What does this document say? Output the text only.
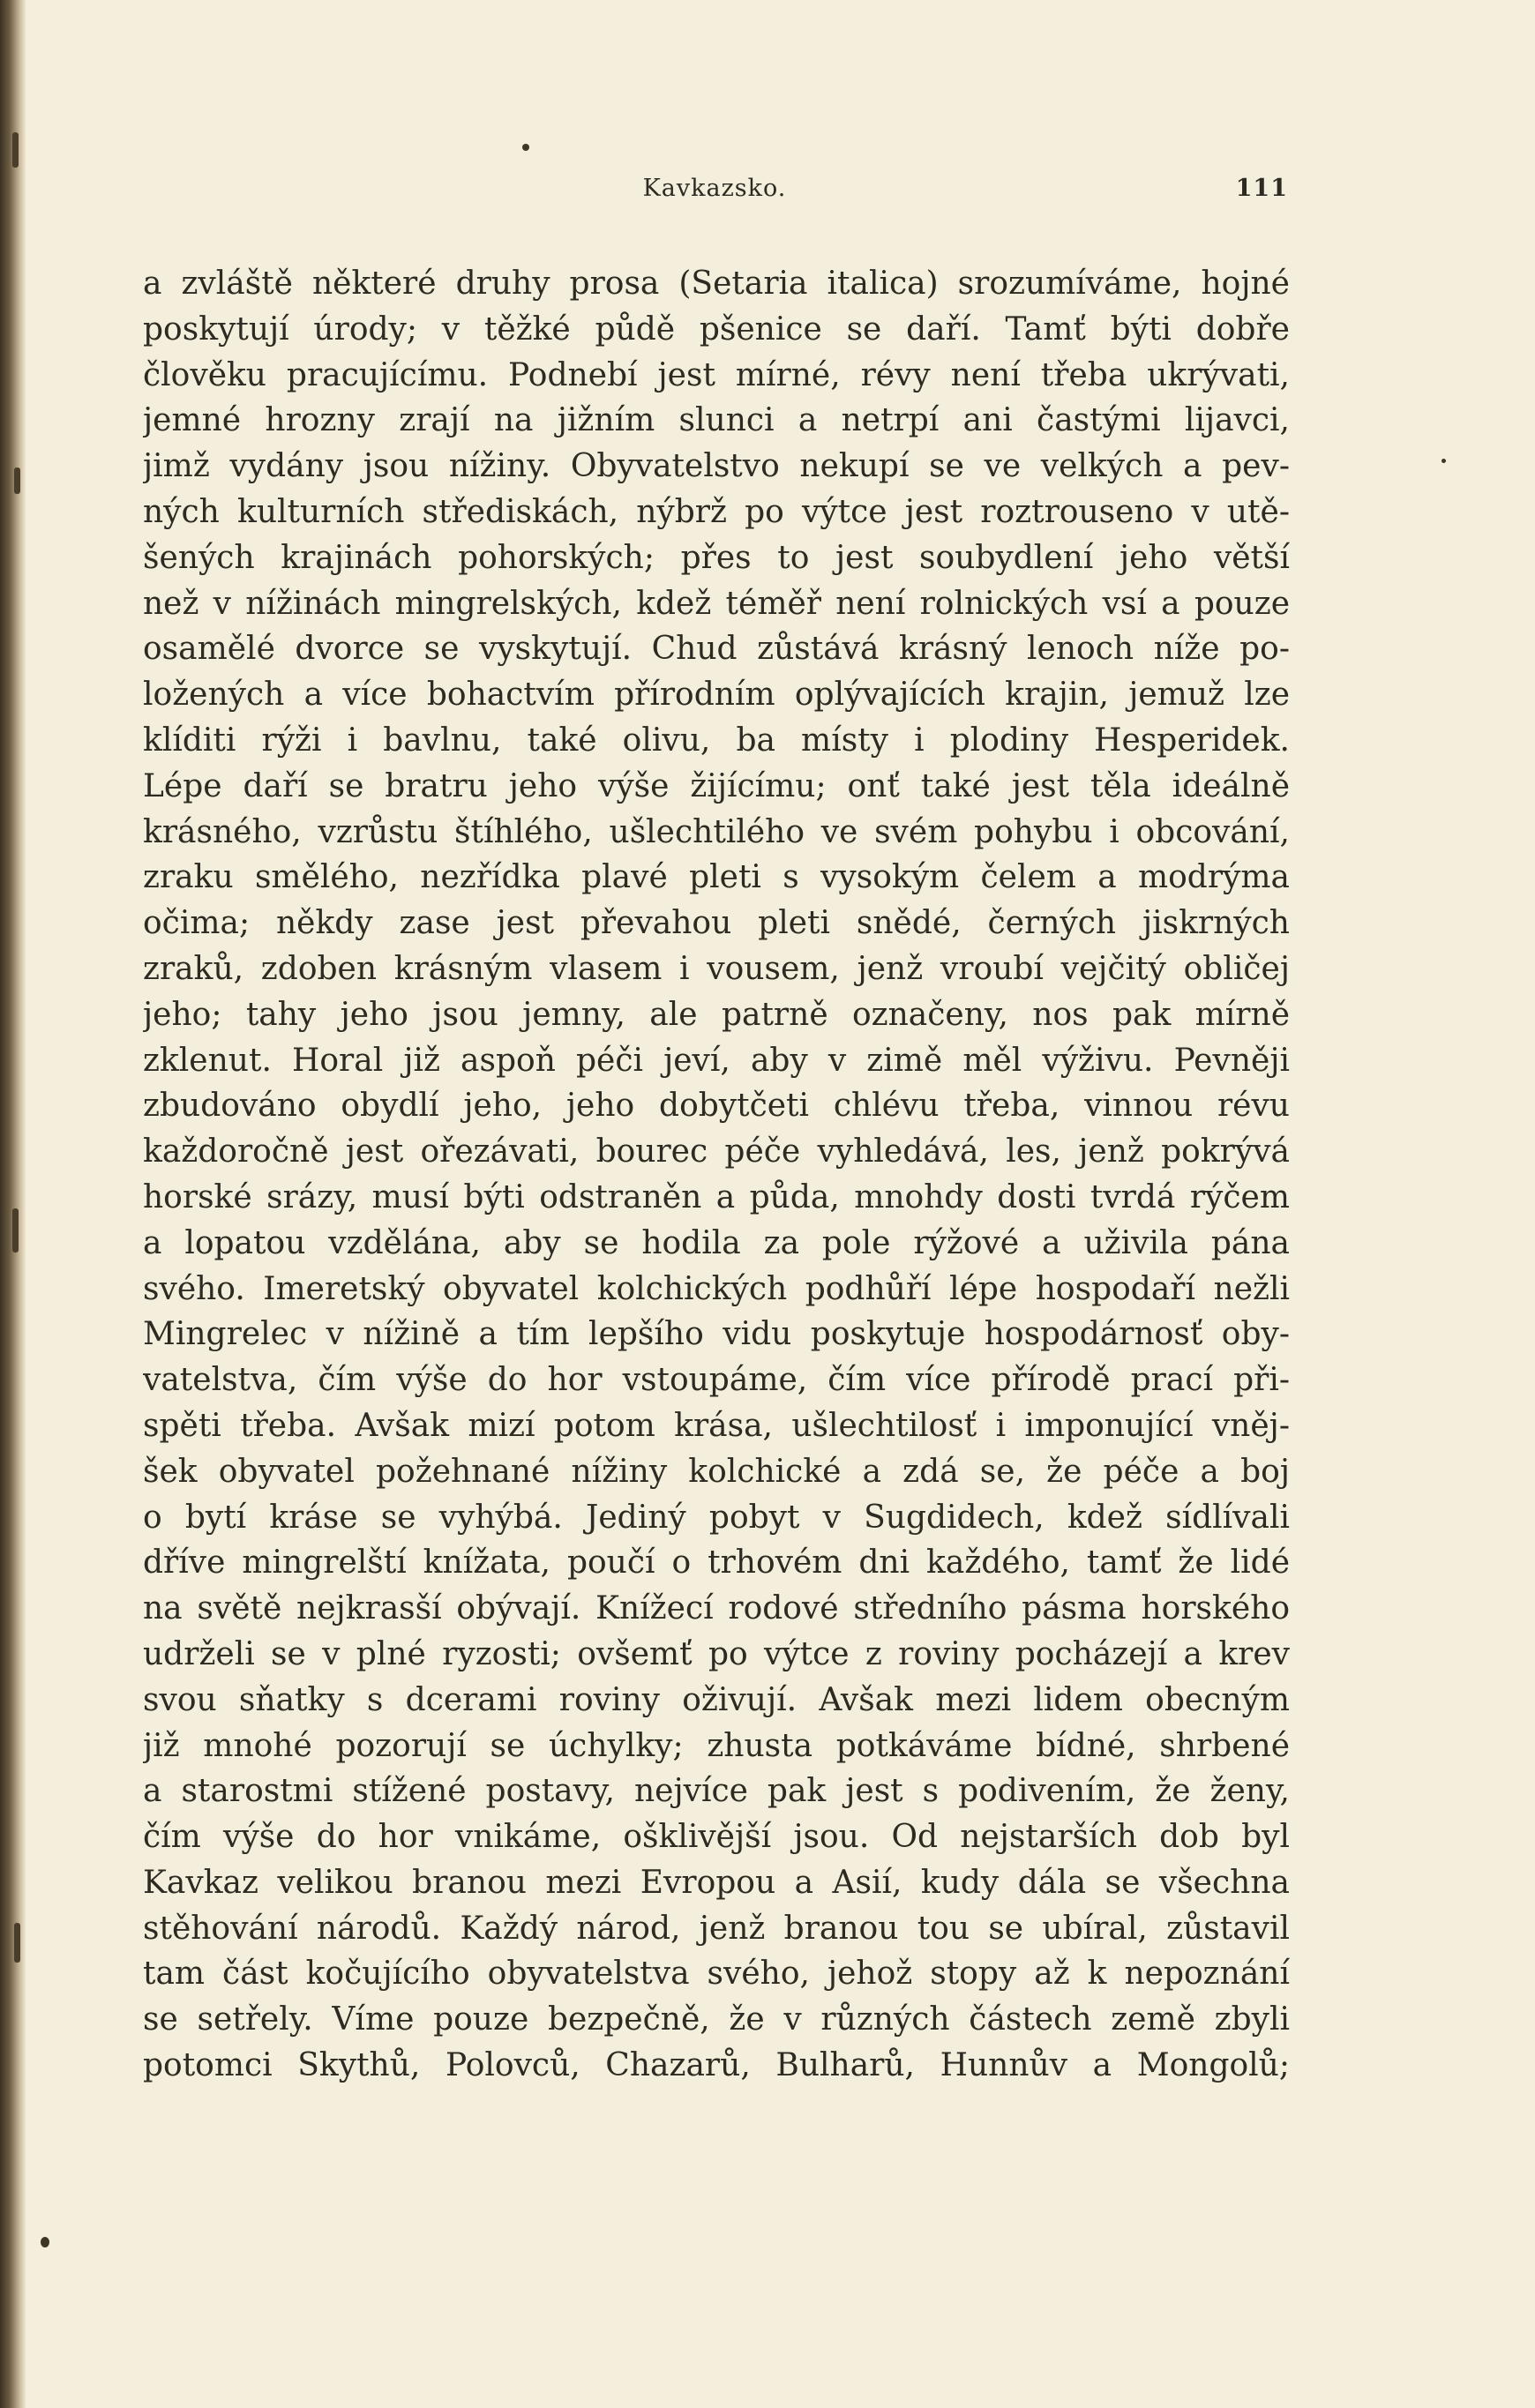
Kavkazsko.	111
a zvláště některé druhy prosa (Setaria italica) srozumíváme, hojné
poskytují úrody; v těžké půdě pšenice se daří. Tamť býti dobře
člověku pracujícímu. Podnebí jest mírné, révy není třeba ukrývati,
jemné hrozny zrají na jižním slunci a netrpí ani častými lijavci,
jimž vydány jsou nížiny. Obyvatelstvo nekupí se ve velkých a pev-
ných kulturních střediskách, nýbrž po výtce jest roztrouseno v utě-
šených krajinách pohorských; přes to jest soubydlení jeho větší
než v nížinách mingrelských, kdež téměř není rolnických vsí a pouze
osamělé dvorce se vyskytují. Chud zůstává krásný lenoch níže po-
ložených a více bohactvím přírodním oplývajících krajin, jemuž lze
klíditi rýži i bavlnu, také olivu, ba místy i plodiny Hesperidek.
Lépe daří se bratru jeho výše žijícímu; onť také jest těla ideálně
krásného, vzrůstu štíhlého, ušlechtilého ve svém pohybu i obcování,
zraku smělého, nezřídka plavé pleti s vysokým čelem a modrýma
očima; někdy zase jest převahou pleti snědé, černých jiskrných
zraků, zdoben krásným vlasem i vousem, jenž vroubí vejčitý obličej
jeho; tahy jeho jsou jemny, ale patrně označeny, nos pak mírně
zklenut. Horal již aspoň péči jeví, aby v zimě měl výživu. Pevněji
zbudováno obydlí jeho, jeho dobytčeti chlévu třeba, vinnou révu
každoročně jest ořezávati, bourec péče vyhledává, les, jenž pokrývá
horské srázy, musí býti odstraněn a půda, mnohdy dosti tvrdá rýčem
a lopatou vzdělána, aby se hodila za pole rýžové a uživila pána
svého. Imeretský obyvatel kolchických podhůří lépe hospodaří nežli
Mingrelec v nížině a tím lepšího vidu poskytuje hospodárnosť oby-
vatelstva, čím výše do hor vstoupáme, čím více přírodě prací při-
spěti třeba. Avšak mizí potom krása, ušlechtilosť i imponující vněj-
šek obyvatel požehnané nížiny kolchické a zdá se, že péče a boj
o bytí kráse se vyhýbá. Jediný pobyt v Sugdidech, kdež sídlívali
dříve mingrelští knížata, poučí o trhovém dni každého, tamť že lidé
na světě nejkrasší obývají. Knížecí rodové středního pásma horského
udrželi se v plné ryzosti; ovšemť po výtce z roviny pocházejí a krev
svou sňatky s dcerami roviny oživují. Avšak mezi lidem obecným
již mnohé pozorují se úchylky; zhusta potkáváme bídné, shrbené
a starostmi stížené postavy, nejvíce pak jest s podivením, že ženy,
čím výše do hor vnikáme, ošklivější jsou. Od nejstarších dob byl
Kavkaz velikou branou mezi Evropou a Asií, kudy dála se všechna
stěhování národů. Každý národ, jenž branou tou se ubíral, zůstavil
tam část kočujícího obyvatelstva svého, jehož stopy až k nepoznání
se setřely. Víme pouze bezpečně, že v různých částech země zbyli
potomci Skythů, Polovců, Chazarů, Bulharů, Hunnův a Mongolů;
